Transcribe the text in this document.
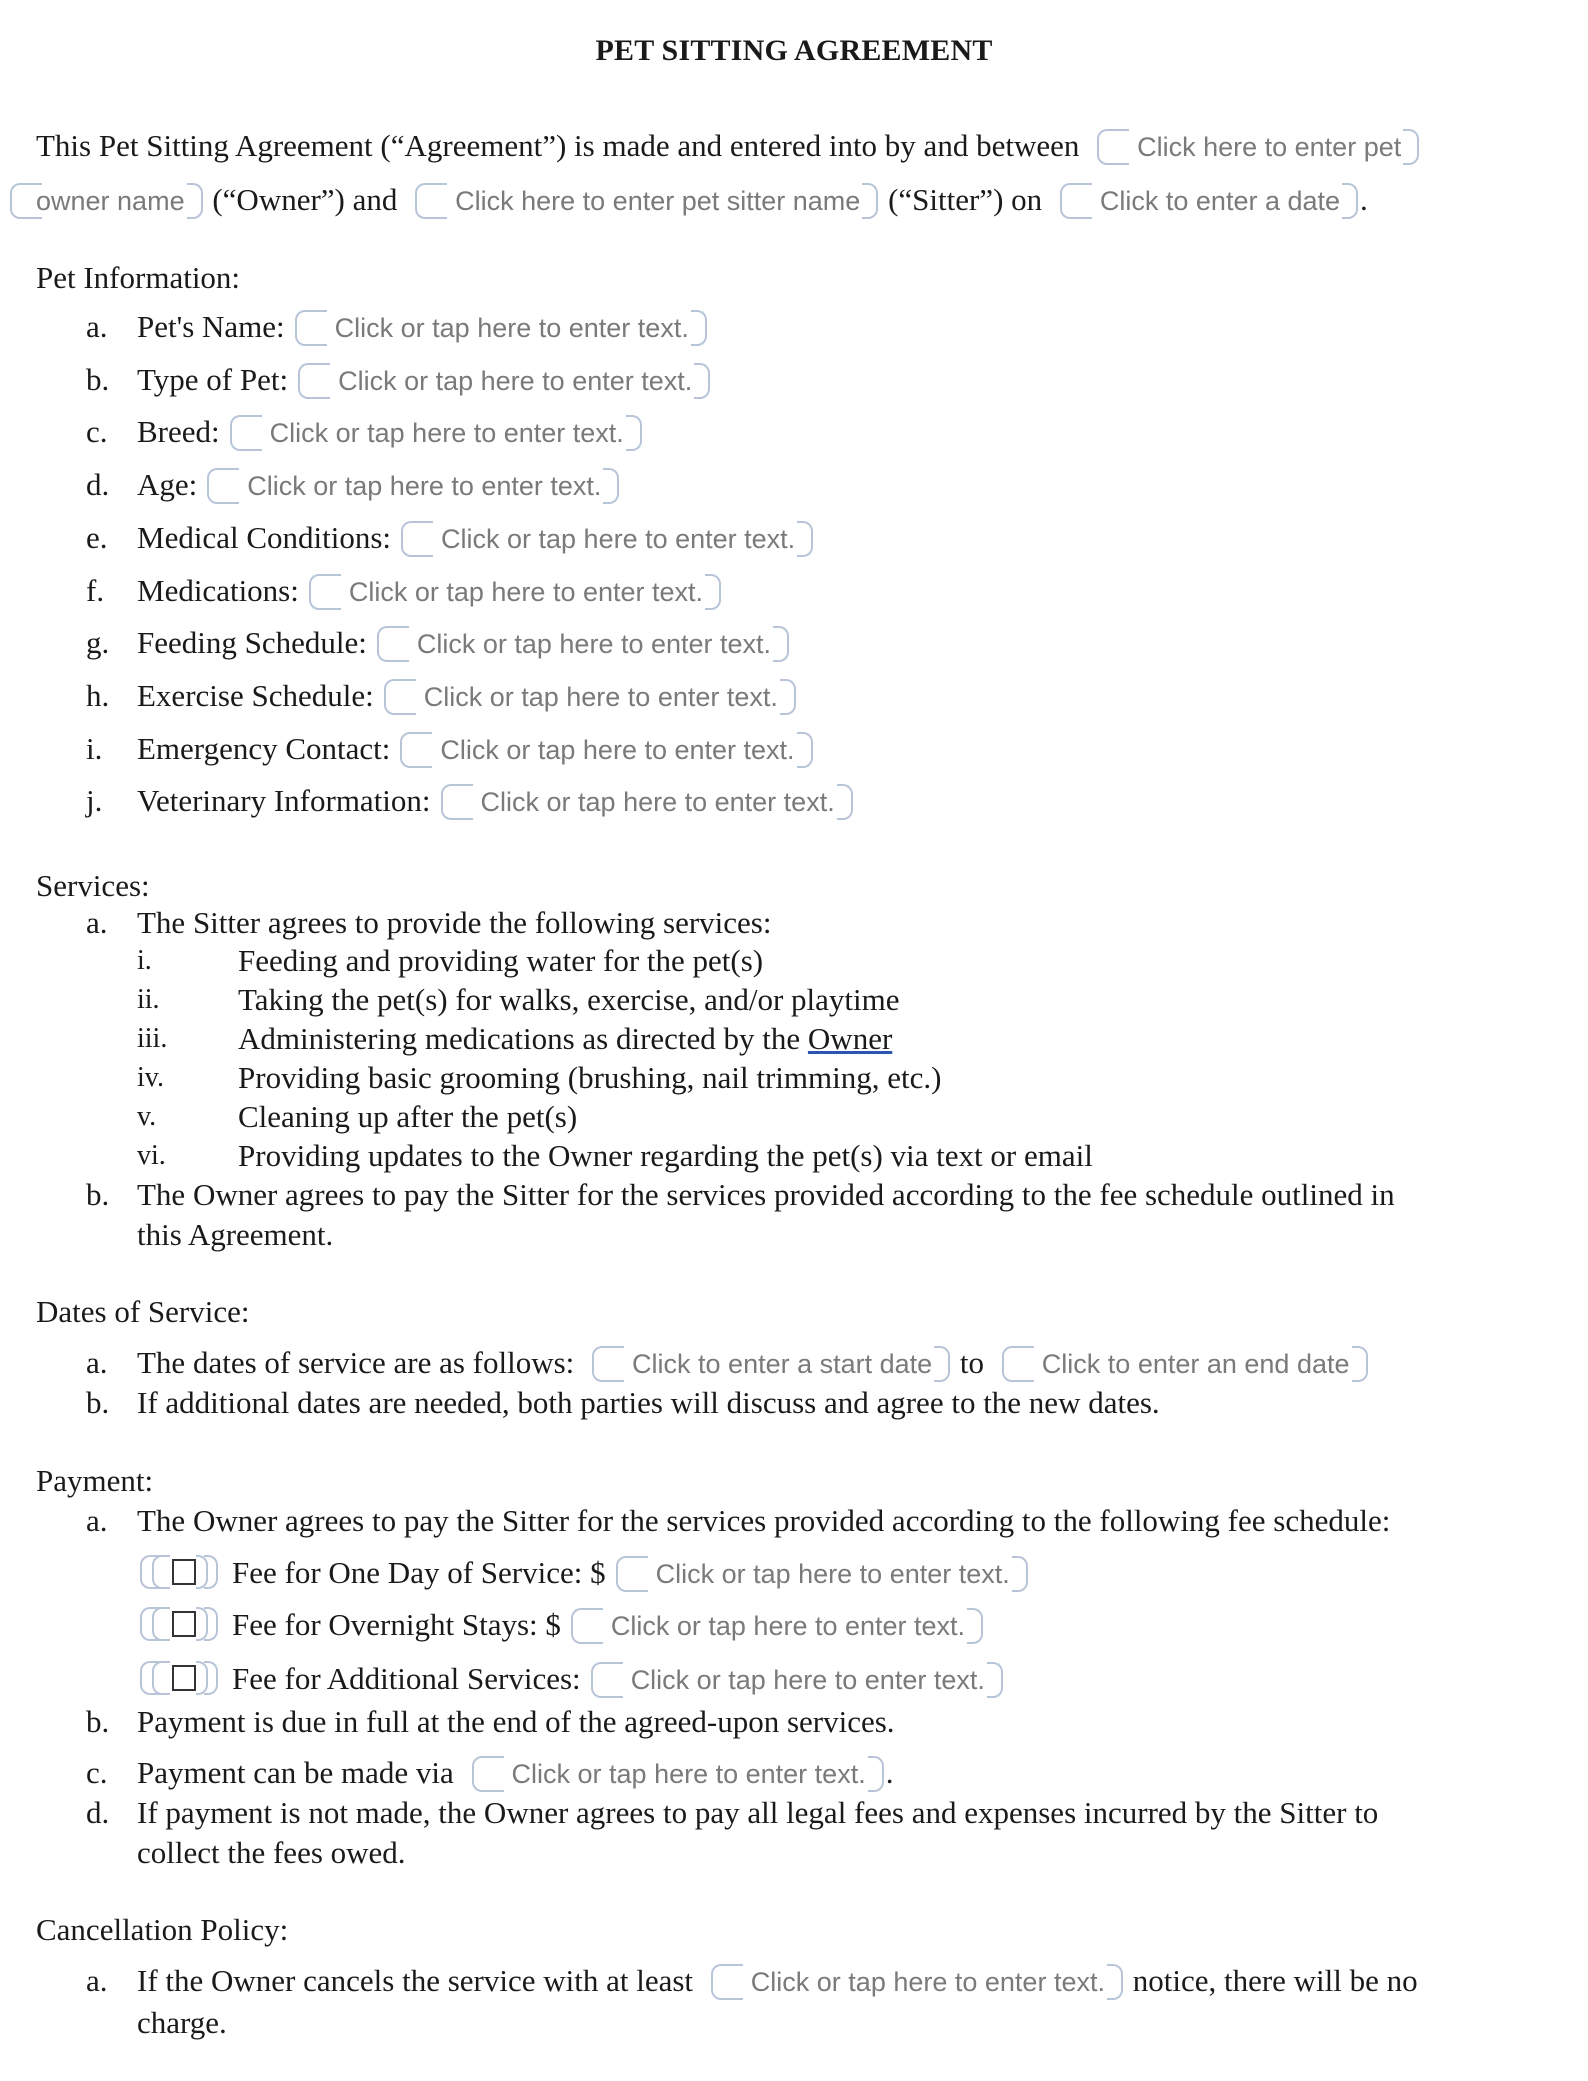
PET SITTING AGREEMENT
This Pet Sitting Agreement (“Agreement”) is made and entered into by and between Click here to enter pet
owner name (“Owner”) and Click here to enter pet sitter name (“Sitter”) on Click to enter a date .
Pet Information:
a. Pet's Name: Click or tap here to enter text.
b. Type of Pet: Click or tap here to enter text.
c. Breed: Click or tap here to enter text.
d. Age: Click or tap here to enter text.
e. Medical Conditions: Click or tap here to enter text.
f. Medications: Click or tap here to enter text.
g. Feeding Schedule: Click or tap here to enter text.
h. Exercise Schedule: Click or tap here to enter text.
i. Emergency Contact: Click or tap here to enter text.
j. Veterinary Information: Click or tap here to enter text.
Services:
a. The Sitter agrees to provide the following services:
i.	Feeding and providing water for the pet(s)
ii.	Taking the pet(s) for walks, exercise, and/or playtime
iii. Administering medications as directed by the Owner
iv. Providing basic grooming (brushing, nail trimming, etc.)
v.	Cleaning up after the pet(s)
vi. Providing updates to the Owner regarding the pet(s) via text or email
b. The Owner agrees to pay the Sitter for the services provided according to the fee schedule outlined in
this Agreement.
Dates of Service:
a. The dates of service are as follows: Click to enter a start date to Click to enter an end date
b. If additional dates are needed, both parties will discuss and agree to the new dates.
Payment:
a. The Owner agrees to pay the Sitter for the services provided according to the following fee schedule:
Fee for One Day of Service: $ Click or tap here to enter text.
Fee for Overnight Stays: $ Click or tap here to enter text.
Fee for Additional Services: Click or tap here to enter text.
b. Payment is due in full at the end of the agreed-upon services.
c. Payment can be made via Click or tap here to enter text. .
d. If payment is not made, the Owner agrees to pay all legal fees and expenses incurred by the Sitter to
collect the fees owed.
Cancellation Policy:
a. If the Owner cancels the service with at least Click or tap here to enter text. notice, there will be no
charge.
